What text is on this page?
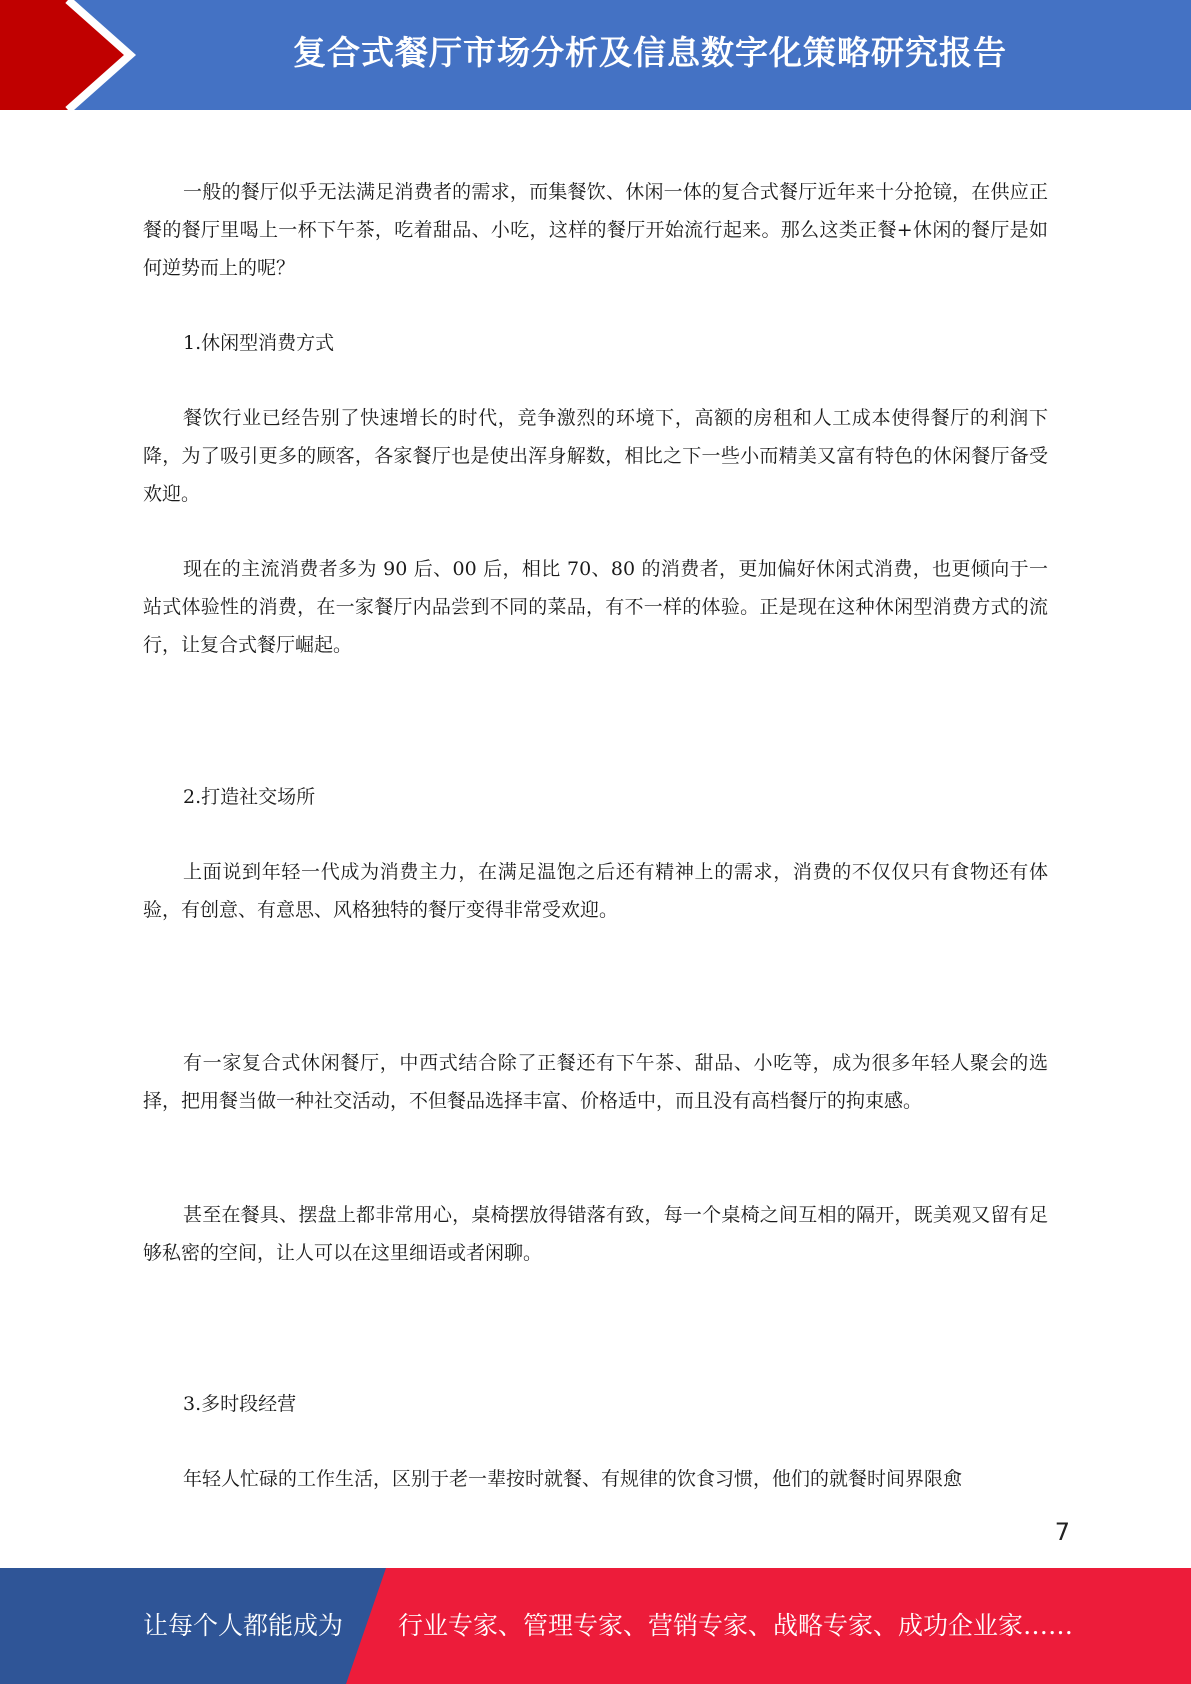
复合式餐厅市场分析及信息数字化策略研究报告

一般的餐厅似乎无法满足消费者的需求，而集餐饮、休闲一体的复合式餐厅近年来十分抢镜，在供应正餐的餐厅里喝上一杯下午茶，吃着甜品、小吃，这样的餐厅开始流行起来。那么这类正餐+休闲的餐厅是如何逆势而上的呢？

1.休闲型消费方式

餐饮行业已经告别了快速增长的时代，竞争激烈的环境下，高额的房租和人工成本使得餐厅的利润下降，为了吸引更多的顾客，各家餐厅也是使出浑身解数，相比之下一些小而精美又富有特色的休闲餐厅备受欢迎。

现在的主流消费者多为 90 后、00 后，相比 70、80 的消费者，更加偏好休闲式消费，也更倾向于一站式体验性的消费，在一家餐厅内品尝到不同的菜品，有不一样的体验。正是现在这种休闲型消费方式的流行，让复合式餐厅崛起。

2.打造社交场所

上面说到年轻一代成为消费主力，在满足温饱之后还有精神上的需求，消费的不仅仅只有食物还有体验，有创意、有意思、风格独特的餐厅变得非常受欢迎。

有一家复合式休闲餐厅，中西式结合除了正餐还有下午茶、甜品、小吃等，成为很多年轻人聚会的选择，把用餐当做一种社交活动，不但餐品选择丰富、价格适中，而且没有高档餐厅的拘束感。

甚至在餐具、摆盘上都非常用心，桌椅摆放得错落有致，每一个桌椅之间互相的隔开，既美观又留有足够私密的空间，让人可以在这里细语或者闲聊。

3.多时段经营

年轻人忙碌的工作生活，区别于老一辈按时就餐、有规律的饮食习惯，他们的就餐时间界限愈

7
让每个人都能成为 行业专家、管理专家、营销专家、战略专家、成功企业家……
